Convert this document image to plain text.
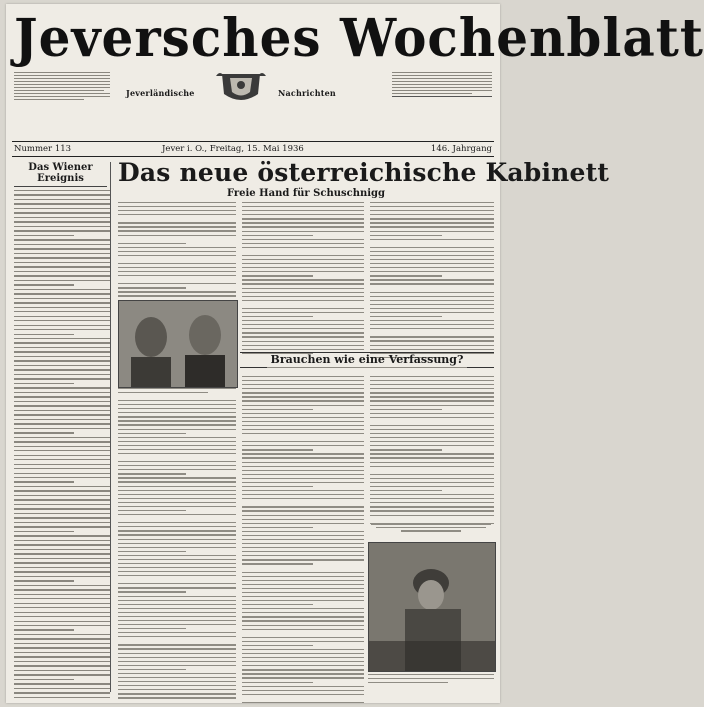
Jeversches Wochenblatt
Jeverländische	Nachrichten
Nummer 113	Jever i. O., Freitag, 15. Mai 1936	146. Jahrgang
Das Wiener Ereignis	Das neue österreichische Kabinett
Freie Hand für Schuschnigg
Brauchen wie eine Verfassung?
